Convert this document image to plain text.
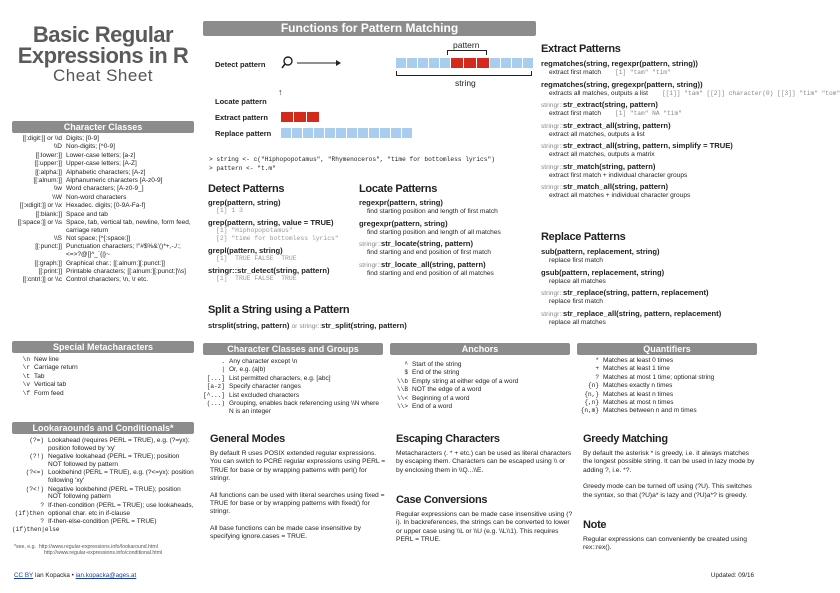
Basic Regular
Expressions in R
Cheat Sheet
Character Classes
[[:digit:]] or \\d Digits; [0-9]
\\D Non-digits; [^0-9]
[[:lower:]] Lower-case letters; [a-z]
[[:upper:]] Upper-case letters; [A-Z]
[[:alpha:]] Alphabetic characters; [A-z]
[[:alnum:]] Alphanumeric characters [A-z0-9]
\\w Word characters; [A-z0-9_]
\\W Non-word characters
[[:xdigit:]] or \\x Hexadec. digits; [0-9A-Fa-f]
[[:blank:]] Space and tab
[[:space:]] or \\s Space, tab, vertical tab, newline, form feed, carriage return
\\S Not space; [^[:space:]]
[[:punct:]] Punctuation characters; !"#$%&’()*+,-./:;<=>?@[]^_`{|}~
[[:graph:]] Graphical char.; [[:alnum:][:punct:]]
[[:print:]] Printable characters; [[:alnum:][:punct:]\\s]
[[:cntrl:]] or \\c Control characters; \n, \r etc.
Special Metacharacters
\n New line
\r Carriage return
\t Tab
\v Vertical tab
\f Form feed
Lookaraounds and Conditionals*
(?=) Lookahead (requires PERL = TRUE), e.g. (?=yx): position followed by 'xy'
(?!) Negative lookahead (PERL = TRUE); position NOT followed by pattern
(?<=) Lookbehind (PERL = TRUE), e.g. (?<=yx): position following 'xy'
(?<!) Negative lookbehind (PERL = TRUE); position NOT following pattern
?(if)then
If-then-condition (PERL = TRUE); use lookaheads, optional char. etc in if-clause
?(if)then|else
If-then-else-condition (PERL = TRUE)
*see, e.g. http://www.regular-expressions.info/lookaround.html
http://www.regular-expressions.info/conditional.html
Functions for Pattern Matching
Detect pattern
pattern
string
Locate pattern
↑
Extract pattern
Replace pattern
> string <- c("Hiphopopotamus", "Rhymenoceros", "time for bottomless lyrics")
> pattern <- "t.m"
Detect Patterns
grep(pattern, string)
[1] 1 3
grep(pattern, string, value = TRUE)
[1] "Hiphopopotamus"
[2] "time for bottomless lyrics"
grepl(pattern, string)
[1]  TRUE FALSE  TRUE
stringr::str_detect(string, pattern)
[1]  TRUE FALSE  TRUE
Split a String using a Pattern
strsplit(string, pattern) or stringr::str_split(string, pattern)
Locate Patterns
regexpr(pattern, string)
find starting position and length of first match
gregexpr(pattern, string)
find starting position and length of all matches
stringr::str_locate(string, pattern)
find starting and end position of first match
stringr::str_locate_all(string, pattern)
find starting and end position of all matches
Extract Patterns
regmatches(string, regexpr(pattern, string))
extract first match [1] "tam" "tim"
regmatches(string, gregexpr(pattern, string))
extracts all matches, outputs a list [[1]] "tam" [[2]] character(0) [[3]] "tim" "tom"
stringr::str_extract(string, pattern)
extract first match [1] "tam" NA "tim"
stringr::str_extract_all(string, pattern)
extract all matches, outputs a list
stringr::str_extract_all(string, pattern, simplify = TRUE)
extract all matches, outputs a matrix
stringr::str_match(string, pattern)
extract first match + individual character groups
stringr::str_match_all(string, pattern)
extract all matches + individual character groups
Replace Patterns
sub(pattern, replacement, string)
replace first match
gsub(pattern, replacement, string)
replace all matches
stringr::str_replace(string, pattern, replacement)
replace first match
stringr::str_replace_all(string, pattern, replacement)
replace all matches
Character Classes and Groups
. Any character except \n
| Or, e.g. (a|b)
[...] List permitted characters, e.g. [abc]
[a-z] Specify character ranges
[^...] List excluded characters
(...) Grouping, enables back referencing using \\N where N is an integer
Anchors
^ Start of the string
$ End of the string
\\b Empty string at either edge of a word
\\B NOT the edge of a word
\\< Beginning of a word
\\> End of a word
Quantifiers
* Matches at least 0 times
+ Matches at least 1 time
? Matches at most 1 time; optional string
{n} Matches exactly n times
{n,} Matches at least n times
{,n} Matches at most n times
{n,m} Matches between n and m times
General Modes

By default R uses POSIX extended regular expressions. You can switch to PCRE regular expressions using PERL = TRUE for base or by wrapping patterns with perl() for stringr.

All functions can be used with literal searches using fixed = TRUE for base or by wrapping patterns with fixed() for stringr.

All base functions can be made case insensitive by specifying ignore.cases = TRUE.

Escaping Characters
Metacharacters (. * + etc.) can be used as literal characters by escaping them. Characters can be escaped using \\ or by enclosing them in \\Q...\\E.
Case Conversions
Regular expressions can be made case insensitive using (?i). In backreferences, the strings can be converted to lower or upper case using \\L or \\U (e.g. \\L\\1). This requires PERL = TRUE.
Greedy Matching

By default the asterisk * is greedy, i.e. it always matches the longest possible string. It can be used in lazy mode by adding ?, i.e. *?.

Greedy mode can be turned off using (?U). This switches the syntax, so that (?U)a* is lazy and (?U)a*? is greedy.

Note
Regular expressions can conveniently be created using rex::rex().
CC BY Ian Kopacka • ian.kopacka@ages.at	Updated: 09/16
